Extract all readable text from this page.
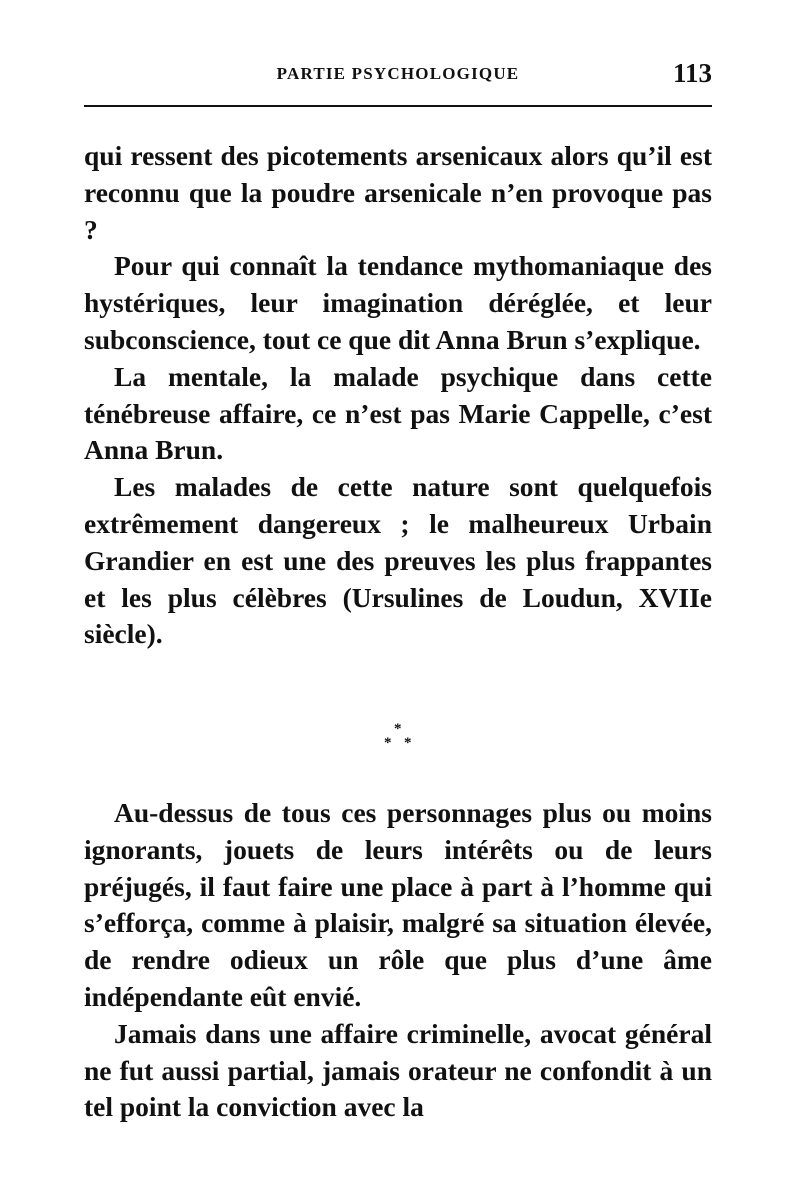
PARTIE PSYCHOLOGIQUE	113

qui ressent des picotements arsenicaux alors qu’il est reconnu que la poudre arsenicale n’en provoque pas ?

Pour qui connaît la tendance mythomaniaque des hystériques, leur imagination déréglée, et leur subconscience, tout ce que dit Anna Brun s’explique.

La mentale, la malade psychique dans cette ténébreuse affaire, ce n’est pas Marie Cappelle, c’est Anna Brun.

Les malades de cette nature sont quelquefois extrêmement dangereux ; le malheureux Urbain Grandier en est une des preuves les plus frappantes et les plus célèbres (Ursulines de Loudun, XVIIe siècle).

*
* *

Au-dessus de tous ces personnages plus ou moins ignorants, jouets de leurs intérêts ou de leurs préjugés, il faut faire une place à part à l’homme qui s’efforça, comme à plaisir, malgré sa situation élevée, de rendre odieux un rôle que plus d’une âme indépendante eût envié.

Jamais dans une affaire criminelle, avocat général ne fut aussi partial, jamais orateur ne confondit à un tel point la conviction avec la
